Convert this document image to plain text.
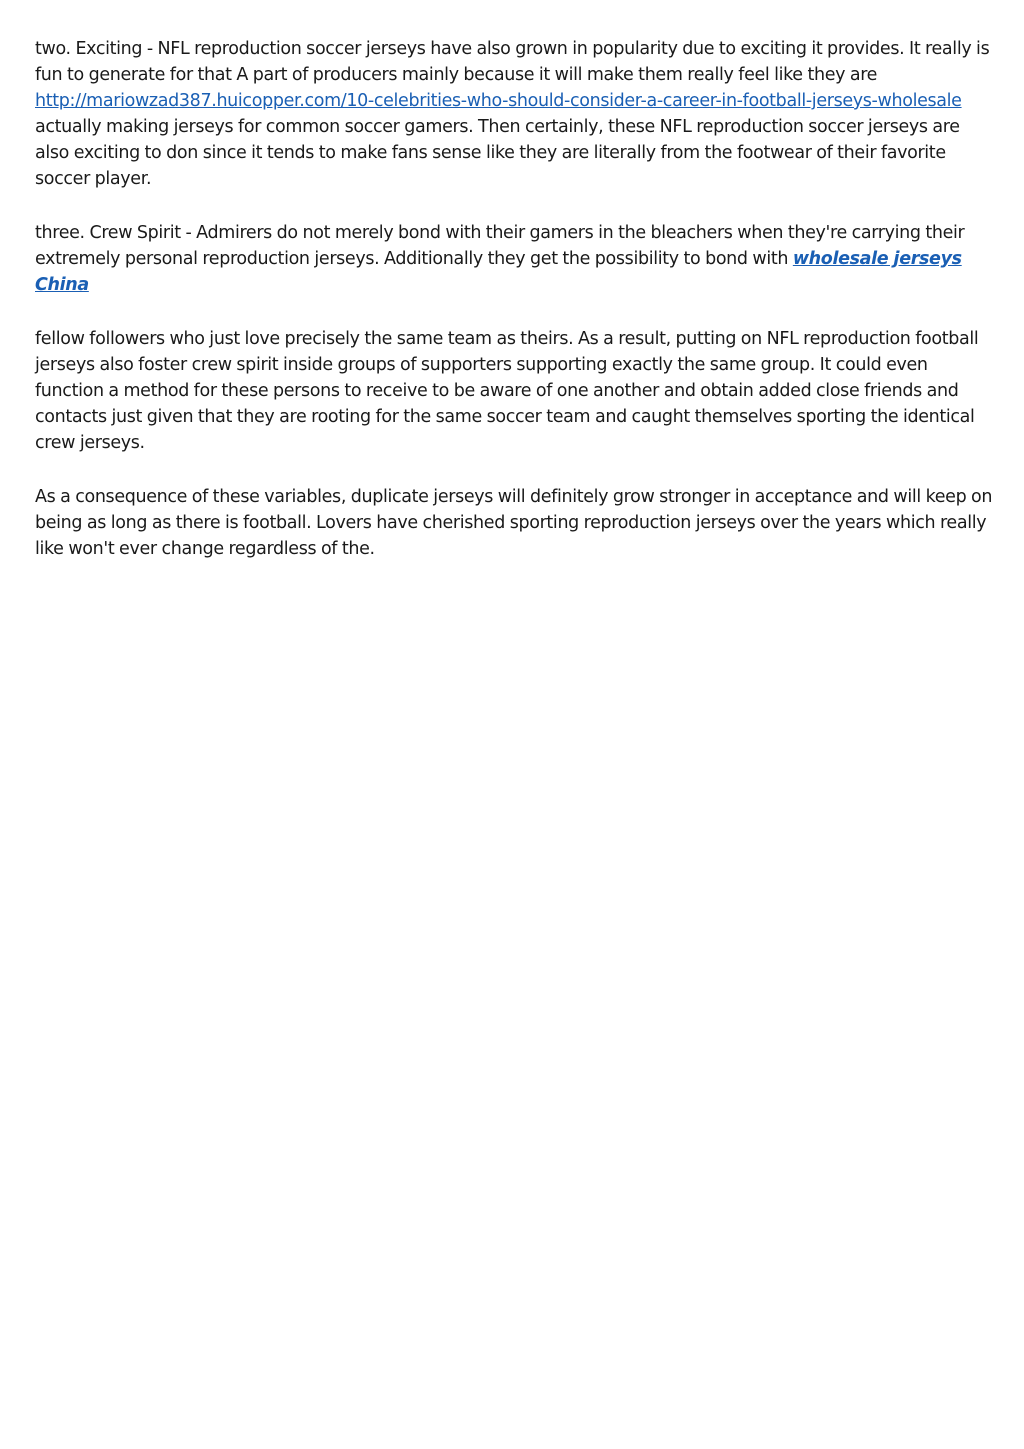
two. Exciting - NFL reproduction soccer jerseys have also grown in popularity due to exciting it provides. It really is fun to generate for that A part of producers mainly because it will make them really feel like they are http://mariowzad387.huicopper.com/10-celebrities-who-should-consider-a-career-in-football-jerseys-wholesale actually making jerseys for common soccer gamers. Then certainly, these NFL reproduction soccer jerseys are also exciting to don since it tends to make fans sense like they are literally from the footwear of their favorite soccer player.

three. Crew Spirit - Admirers do not merely bond with their gamers in the bleachers when they're carrying their extremely personal reproduction jerseys. Additionally they get the possibility to bond with wholesale jerseys China

fellow followers who just love precisely the same team as theirs. As a result, putting on NFL reproduction football jerseys also foster crew spirit inside groups of supporters supporting exactly the same group. It could even function a method for these persons to receive to be aware of one another and obtain added close friends and contacts just given that they are rooting for the same soccer team and caught themselves sporting the identical crew jerseys.

As a consequence of these variables, duplicate jerseys will definitely grow stronger in acceptance and will keep on being as long as there is football. Lovers have cherished sporting reproduction jerseys over the years which really like won't ever change regardless of the.
